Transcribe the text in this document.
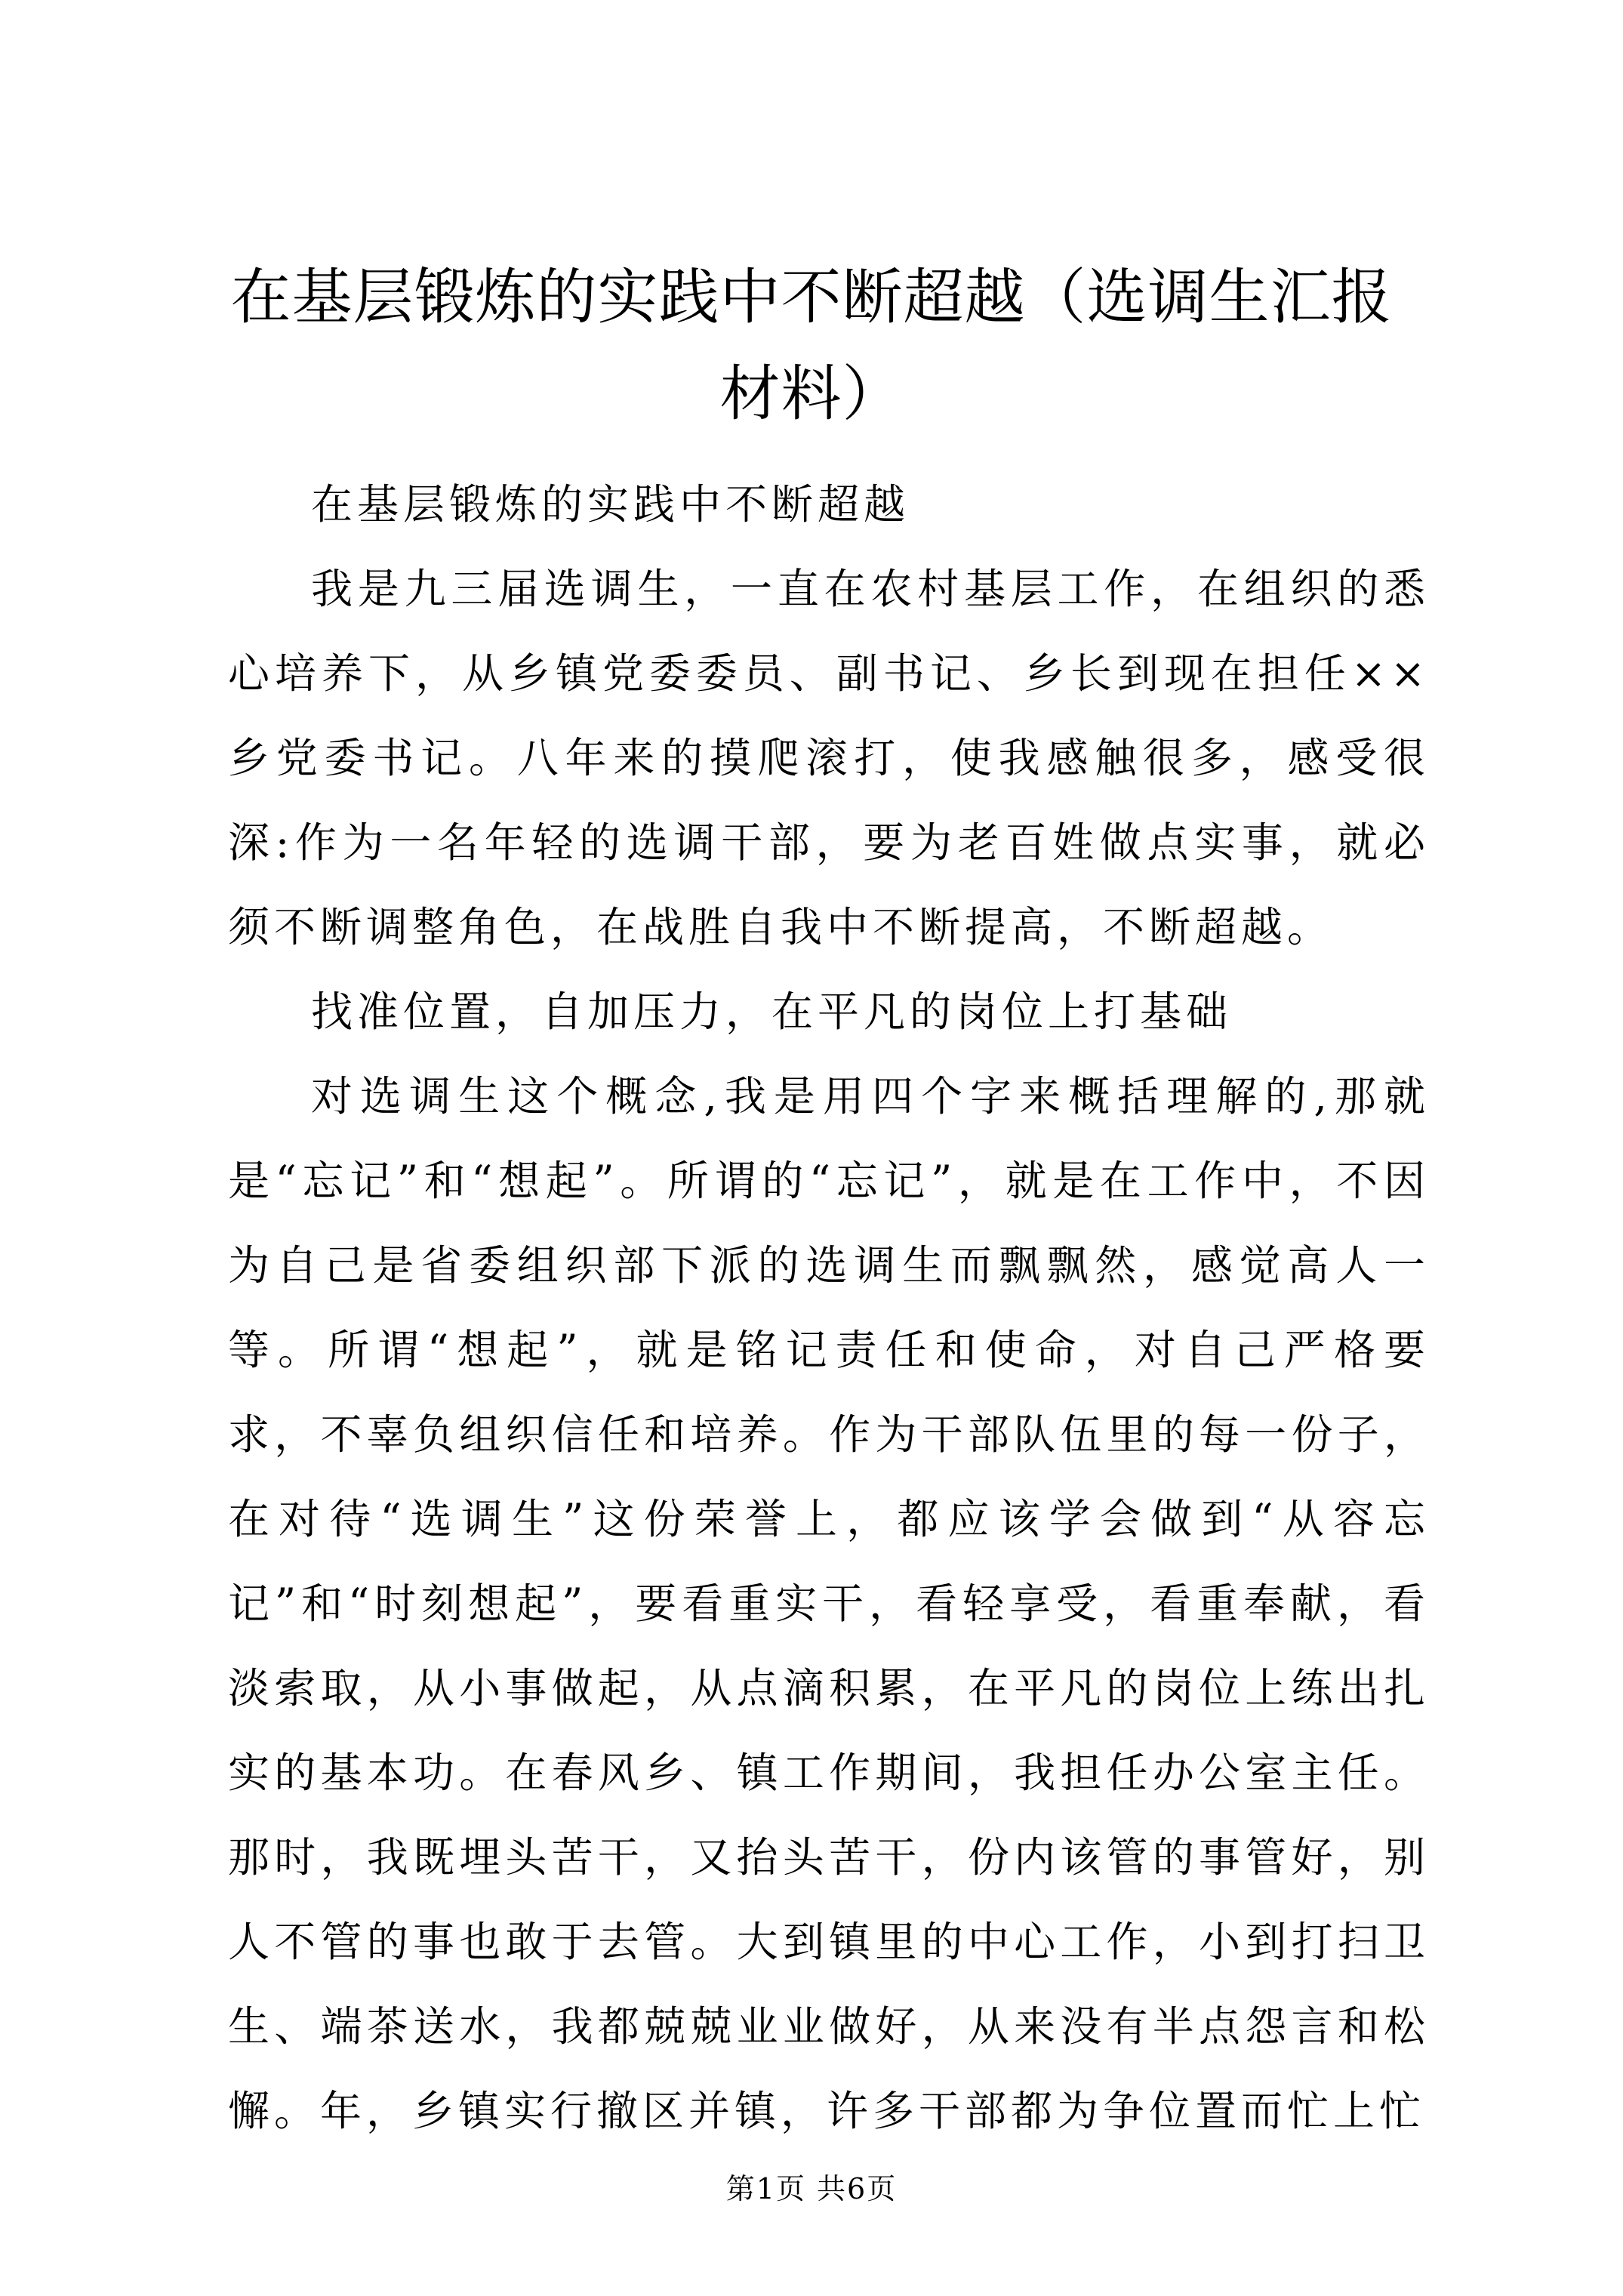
在基层锻炼的实践中不断超越（选调生汇报材料）

在基层锻炼的实践中不断超越

我是九三届选调生，一直在农村基层工作，在组织的悉心培养下，从乡镇党委委员、副书记、乡长到现在担任××乡党委书记。八年来的摸爬滚打，使我感触很多，感受很深:作为一名年轻的选调干部，要为老百姓做点实事，就必须不断调整角色，在战胜自我中不断提高，不断超越。

找准位置，自加压力，在平凡的岗位上打基础

对选调生这个概念,我是用四个字来概括理解的,那就是“忘记”和“想起”。所谓的“忘记”，就是在工作中，不因为自己是省委组织部下派的选调生而飘飘然，感觉高人一等。所谓“想起”，就是铭记责任和使命，对自己严格要求，不辜负组织信任和培养。作为干部队伍里的每一份子，在对待“选调生”这份荣誉上，都应该学会做到“从容忘记”和“时刻想起”，要看重实干，看轻享受，看重奉献，看淡索取，从小事做起，从点滴积累，在平凡的岗位上练出扎实的基本功。在春风乡、镇工作期间，我担任办公室主任。那时，我既埋头苦干，又抬头苦干，份内该管的事管好，别人不管的事也敢于去管。大到镇里的中心工作，小到打扫卫生、端茶送水，我都兢兢业业做好，从来没有半点怨言和松懈。年，乡镇实行撤区并镇，许多干部都为争位置而忙上忙

第1页 共6页
